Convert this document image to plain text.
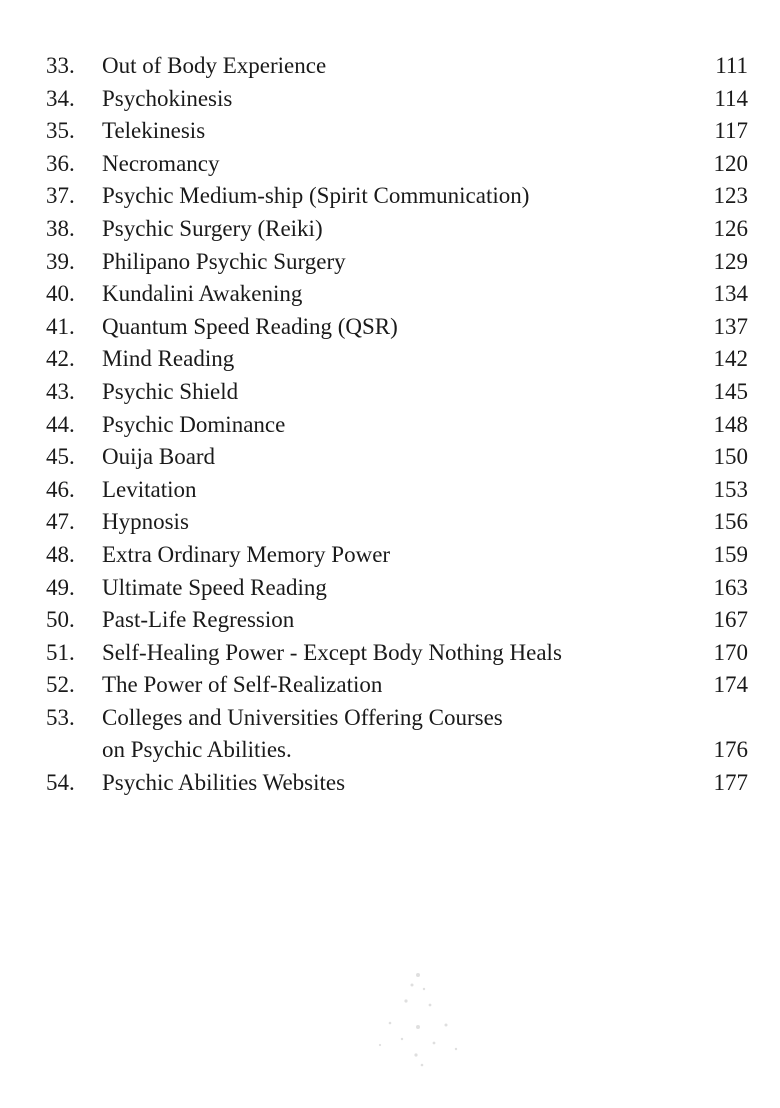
33.	Out of Body Experience	111
34.	Psychokinesis	114
35.	Telekinesis	117
36.	Necromancy	120
37.	Psychic Medium-ship (Spirit Communication)	123
38.	Psychic Surgery (Reiki)	126
39.	Philipano Psychic Surgery	129
40.	Kundalini Awakening	134
41.	Quantum Speed Reading (QSR)	137
42.	Mind Reading	142
43.	Psychic Shield	145
44.	Psychic Dominance	148
45.	Ouija Board	150
46.	Levitation	153
47.	Hypnosis	156
48.	Extra Ordinary Memory Power	159
49.	Ultimate Speed Reading	163
50.	Past-Life Regression	167
51.	Self-Healing Power - Except Body Nothing Heals	170
52.	The Power of Self-Realization	174
53.	Colleges and Universities Offering Courses
on Psychic Abilities.	176
54.	Psychic Abilities Websites	177
